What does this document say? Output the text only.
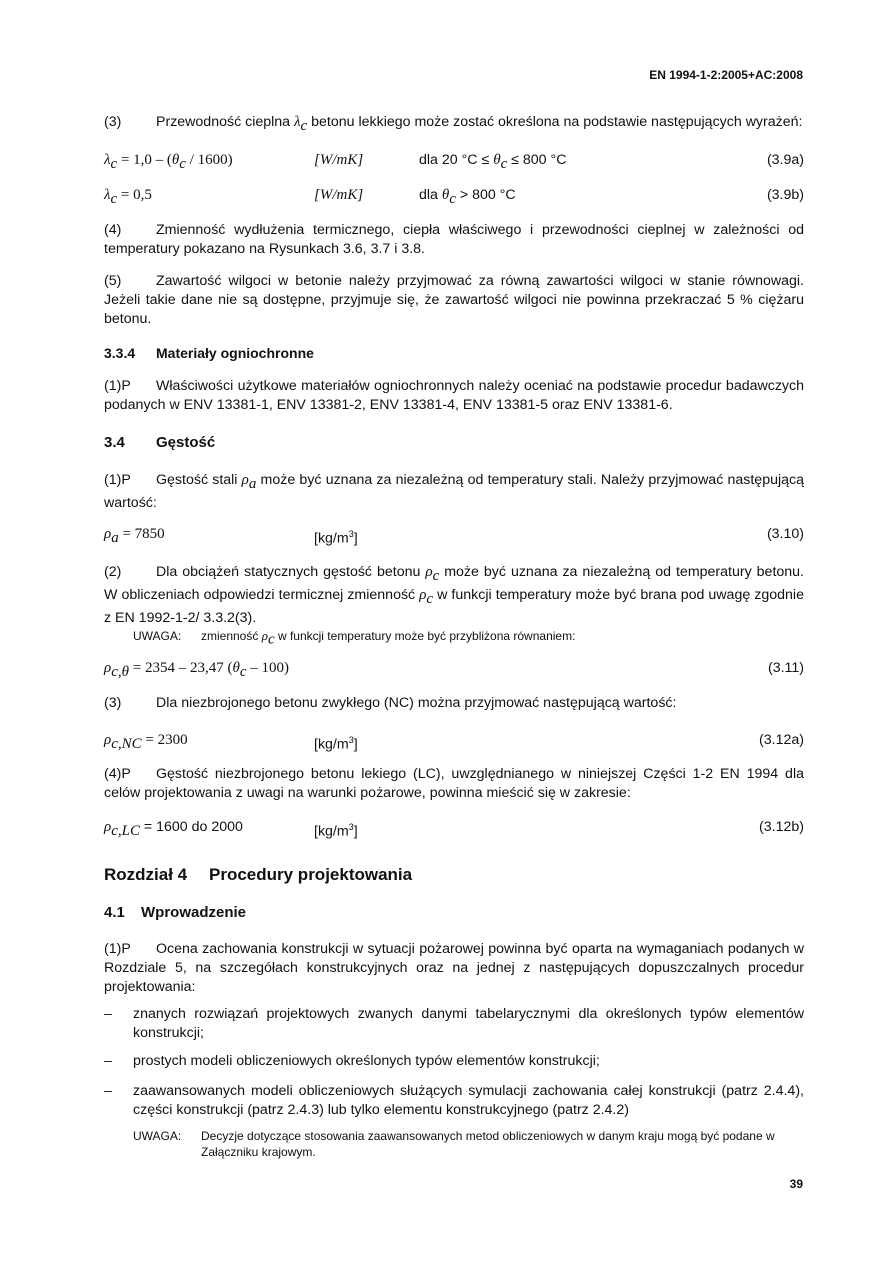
EN 1994-1-2:2005+AC:2008

(3) Przewodność cieplna $\lambda_c$ betonu lekkiego może zostać określona na podstawie następujących wyrażeń:

$\lambda_c = 1,0 - (\theta_c / 1600)$	[W/mK]	dla 20 $^\circ C \le \theta_c \le 800$ °C	(3.9a)
$\lambda_c = 0,5$	[W/mK]	dla $\theta_c > 800$ °C	(3.9b)

(4) Zmienność wydłużenia termicznego, ciepła właściwego i przewodności cieplnej w zależności od temperatury pokazano na Rysunkach 3.6, 3.7 i 3.8.

(5) Zawartość wilgoci w betonie należy przyjmować za równą zawartości wilgoci w stanie równowagi. Jeżeli takie dane nie są dostępne, przyjmuje się, że zawartość wilgoci nie powinna przekraczać 5 % ciężaru betonu.

3.3.4 Materiały ogniochronne

(1)P Właściwości użytkowe materiałów ogniochronnych należy oceniać na podstawie procedur badawczych podanych w ENV 13381-1, ENV 13381-2, ENV 13381-4, ENV 13381-5 oraz ENV 13381-6.

3.4 Gęstość

(1)P Gęstość stali $\rho_a$ może być uznana za niezależną od temperatury stali. Należy przyjmować następującą wartość:

$\rho_a = 7850$	$[kg/m^3]$	(3.10)

(2) Dla obciążeń statycznych gęstość betonu $\rho_c$ może być uznana za niezależną od temperatury betonu. W obliczeniach odpowiedzi termicznej zmienność $\rho_c$ w funkcji temperatury może być brana pod uwagę zgodnie z EN 1992-1-2/ 3.3.2(3).

UWAGA: zmienność $\rho_c$ w funkcji temperatury może być przybliżona równaniem:
$\rho_{c,\theta} = 2354 - 23,47$ $(\theta_c - 100)$	(3.11)

(3) Dla niezbrojonego betonu zwykłego (NC) można przyjmować następującą wartość:

$\rho_{c,NC} = 2300$	$[kg/m^3]$	(3.12a)

(4)P Gęstość niezbrojonego betonu lekiego (LC), uwzględnianego w niniejszej Części 1-2 EN 1994 dla celów projektowania z uwagi na warunki pożarowe, powinna mieścić się w zakresie:

$\rho_{c,LC} = 1600$ do 2000	$[kg/m^3]$	(3.12b)
Rozdział 4 Procedury projektowania
4.1 Wprowadzenie

(1)P Ocena zachowania konstrukcji w sytuacji pożarowej powinna być oparta na wymaganiach podanych w Rozdziale 5, na szczegółach konstrukcyjnych oraz na jednej z następujących dopuszczalnych procedur projektowania:

– znanych rozwiązań projektowych zwanych danymi tabelarycznymi dla określonych typów elementów konstrukcji;
– prostych modeli obliczeniowych określonych typów elementów konstrukcji;
– zaawansowanych modeli obliczeniowych służących symulacji zachowania całej konstrukcji (patrz 2.4.4), części konstrukcji (patrz 2.4.3) lub tylko elementu konstrukcyjnego (patrz 2.4.2)
UWAGA:	Decyzje dotyczące stosowania zaawansowanych metod obliczeniowych w danym kraju mogą być podane w Załączniku krajowym.
39
